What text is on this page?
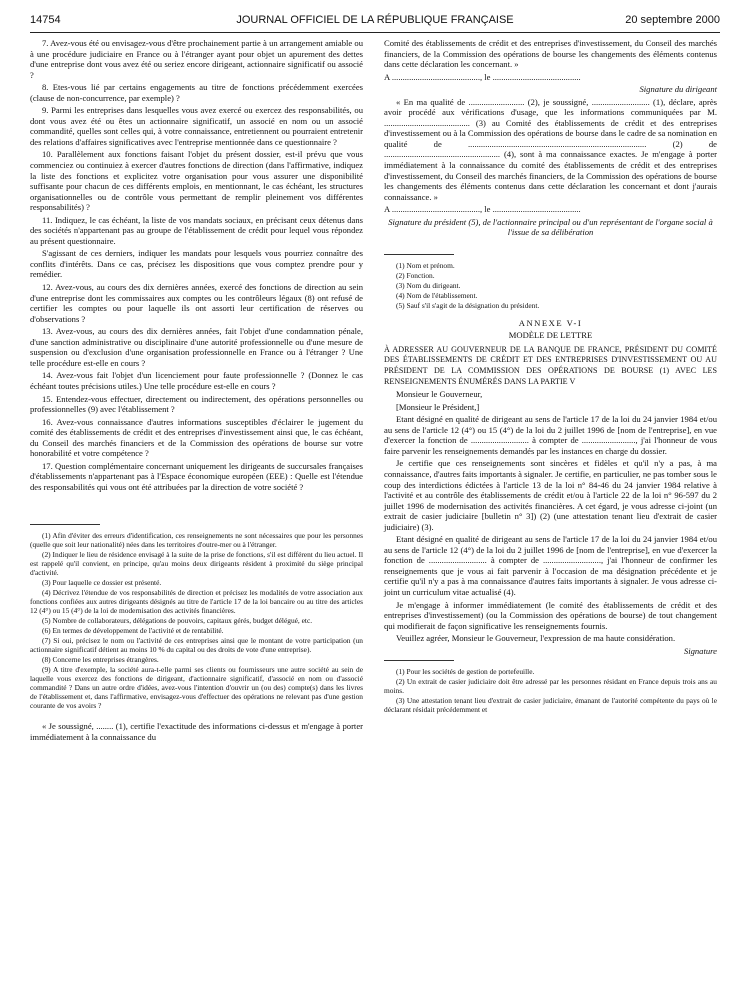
14754	JOURNAL OFFICIEL DE LA RÉPUBLIQUE FRANÇAISE	20 septembre 2000

7. Avez-vous été ou envisagez-vous d'être prochainement partie à un arrangement amiable ou à une procédure judiciaire en France ou à l'étranger ayant pour objet un apurement des dettes d'une entreprise dont vous avez été ou seriez encore dirigeant, actionnaire significatif ou associé ?

8. Etes-vous lié par certains engagements au titre de fonctions précédemment exercées (clause de non-concurrence, par exemple) ?

9. Parmi les entreprises dans lesquelles vous avez exercé ou exercez des responsabilités, ou dont vous avez été ou êtes un actionnaire significatif, un associé en nom ou un associé commandité, quelles sont celles qui, à votre connaissance, entretiennent ou pourraient entretenir des relations d'affaires significatives avec l'entreprise mentionnée dans ce questionnaire ?

10. Parallèlement aux fonctions faisant l'objet du présent dossier, est-il prévu que vous commenciez ou continuiez à exercer d'autres fonctions de direction (dans l'affirmative, indiquez la liste des fonctions et explicitez votre organisation pour vous assurer une disponibilité suffisante pour chacun de ces différents emplois, en mentionnant, le cas échéant, les structures organisationnelles ou de contrôle vous permettant de remplir pleinement vos différentes responsabilités) ?

11. Indiquez, le cas échéant, la liste de vos mandats sociaux, en précisant ceux détenus dans des sociétés n'appartenant pas au groupe de l'établissement de crédit pour lequel vous répondez au présent questionnaire.

S'agissant de ces derniers, indiquer les mandats pour lesquels vous pourriez connaître des conflits d'intérêts. Dans ce cas, précisez les dispositions que vous comptez prendre pour y remédier.

12. Avez-vous, au cours des dix dernières années, exercé des fonctions de direction au sein d'une entreprise dont les commissaires aux comptes ou les contrôleurs légaux (8) ont refusé de certifier les comptes ou pour laquelle ils ont assorti leur certification de réserves ou d'observations ?

13. Avez-vous, au cours des dix dernières années, fait l'objet d'une condamnation pénale, d'une sanction administrative ou disciplinaire d'une autorité professionnelle ou d'une mesure de suspension ou d'exclusion d'une organisation professionnelle en France ou à l'étranger ? Une telle procédure est-elle en cours ?

14. Avez-vous fait l'objet d'un licenciement pour faute professionnelle ? (Donnez le cas échéant toutes précisions utiles.) Une telle procédure est-elle en cours ?

15. Entendez-vous effectuer, directement ou indirectement, des opérations personnelles ou professionnelles (9) avec l'établissement ?

16. Avez-vous connaissance d'autres informations susceptibles d'éclairer le jugement du comité des établissements de crédit et des entreprises d'investissement ainsi que, le cas échéant, du Conseil des marchés financiers et de la Commission des opérations de bourse sur votre honorabilité et votre compétence ?

17. Question complémentaire concernant uniquement les dirigeants de succursales françaises d'établissements n'appartenant pas à l'Espace économique européen (EEE) : Quelle est l'étendue des responsabilités qui vous ont été attribuées par la direction de votre société ?

(1) Afin d'éviter des erreurs d'identification, ces renseignements ne sont nécessaires que pour les personnes (quelle que soit leur nationalité) nées dans les territoires d'outre-mer ou à l'étranger.

(2) Indiquer le lieu de résidence envisagé à la suite de la prise de fonctions, s'il est différent du lieu actuel. Il est rappelé qu'il convient, en principe, qu'au moins deux dirigeants résident à proximité du siège principal d'activité.

(3) Pour laquelle ce dossier est présenté.

(4) Décrivez l'étendue de vos responsabilités de direction et précisez les modalités de votre association aux fonctions confiées aux autres dirigeants désignés au titre de l'article 17 de la loi bancaire ou au titre des articles 12 (4°) ou 15 (4°) de la loi de modernisation des activités financières.

(5) Nombre de collaborateurs, délégations de pouvoirs, capitaux gérés, budget délégué, etc.

(6) En termes de développement de l'activité et de rentabilité.

(7) Si oui, précisez le nom ou l'activité de ces entreprises ainsi que le montant de votre participation (un actionnaire significatif détient au moins 10 % du capital ou des droits de vote d'une entreprise).

(8) Concerne les entreprises étrangères.

(9) A titre d'exemple, la société aura-t-elle parmi ses clients ou fournisseurs une autre société au sein de laquelle vous exercez des fonctions de dirigeant, d'actionnaire significatif, d'associé en nom ou d'associé commandité ? Dans un autre ordre d'idées, avez-vous l'intention d'ouvrir un (ou des) compte(s) dans les livres de l'établissement et, dans l'affirmative, envisagez-vous d'effectuer des opérations ne relevant pas d'une gestion courante de vos avoirs ?

« Je soussigné, ........ (1), certifie l'exactitude des informations ci-dessus et m'engage à porter immédiatement à la connaissance du

Comité des établissements de crédit et des entreprises d'investissement, du Conseil des marchés financiers, de la Commission des opérations de bourse les changements des éléments contenus dans cette déclaration les concernant. »

A ........................................., le .........................................

Signature du dirigeant

« En ma qualité de .......................... (2), je soussigné, ........................... (1), déclare, après avoir procédé aux vérifications d'usage, que les informations communiquées par M. ........................................ (3) au Comité des établissements de crédit et des entreprises d'investissement ou à la Commission des opérations de bourse dans le cadre de sa nomination en qualité de ................................................................................... (2) de ...................................................... (4), sont à ma connaissance exactes. Je m'engage à porter immédiatement à la connaissance du comité des établissements de crédit et des entreprises d'investissement, du Conseil des marchés financiers, de la Commission des opérations de bourse les changements des éléments contenus dans cette déclaration les concernant et dont j'aurais connaissance. »

A ........................................., le .........................................

Signature du président (5), de l'actionnaire principal ou d'un représentant de l'organe social à l'issue de sa délibération

(1) Nom et prénom.

(2) Fonction.

(3) Nom du dirigeant.

(4) Nom de l'établissement.

(5) Sauf s'il s'agit de la désignation du président.

ANNEXE V-I

MODÈLE DE LETTRE

À ADRESSER AU GOUVERNEUR DE LA BANQUE DE FRANCE, PRÉSIDENT DU COMITÉ DES ÉTABLISSEMENTS DE CRÉDIT ET DES ENTREPRISES D'INVESTISSEMENT OU AU PRÉSIDENT DE LA COMMISSION DES OPÉRATIONS DE BOURSE (1) AVEC LES RENSEIGNEMENTS ÉNUMÉRÉS DANS LA PARTIE V

Monsieur le Gouverneur,

[Monsieur le Président,]

Etant désigné en qualité de dirigeant au sens de l'article 17 de la loi du 24 janvier 1984 et/ou au sens de l'article 12 (4°) ou 15 (4°) de la loi du 2 juillet 1996 de [nom de l'entreprise], en vue d'exercer la fonction de ........................... à compter de ........................., j'ai l'honneur de vous faire parvenir les renseignements demandés par les instances en charge du dossier.

Je certifie que ces renseignements sont sincères et fidèles et qu'il n'y a pas, à ma connaissance, d'autres faits importants à signaler. Je certifie, en particulier, ne pas tomber sous le coup des interdictions édictées à l'article 13 de la loi n° 84-46 du 24 janvier 1984 relative à l'activité et au contrôle des établissements de crédit et/ou à l'article 22 de la loi n° 96-597 du 2 juillet 1996 de modernisation des activités financières. A cet égard, je vous adresse ci-joint (un extrait de casier judiciaire [bulletin n° 3]) (2) (une attestation tenant lieu d'extrait de casier judiciaire) (3).

Etant désigné en qualité de dirigeant au sens de l'article 17 de la loi du 24 janvier 1984 et/ou au sens de l'article 12 (4°) de la loi du 2 juillet 1996 de [nom de l'entreprise], en vue d'exercer la fonction de ........................... à compter de ..........................., j'ai l'honneur de confirmer les renseignements que je vous ai fait parvenir à l'occasion de ma désignation précédente et je certifie qu'il n'y a pas à ma connaissance d'autres faits importants à signaler. Je vous adresse ci-joint un curriculum vitae actualisé (4).

Je m'engage à informer immédiatement (le comité des établissements de crédit et des entreprises d'investissement) (ou la Commission des opérations de bourse) de tout changement qui modifierait de façon significative les renseignements fournis.

Veuillez agréer, Monsieur le Gouverneur, l'expression de ma haute considération.

Signature

(1) Pour les sociétés de gestion de portefeuille.

(2) Un extrait de casier judiciaire doit être adressé par les personnes résidant en France depuis trois ans au moins.

(3) Une attestation tenant lieu d'extrait de casier judiciaire, émanant de l'autorité compétente du pays où le déclarant résidait précédemment et
